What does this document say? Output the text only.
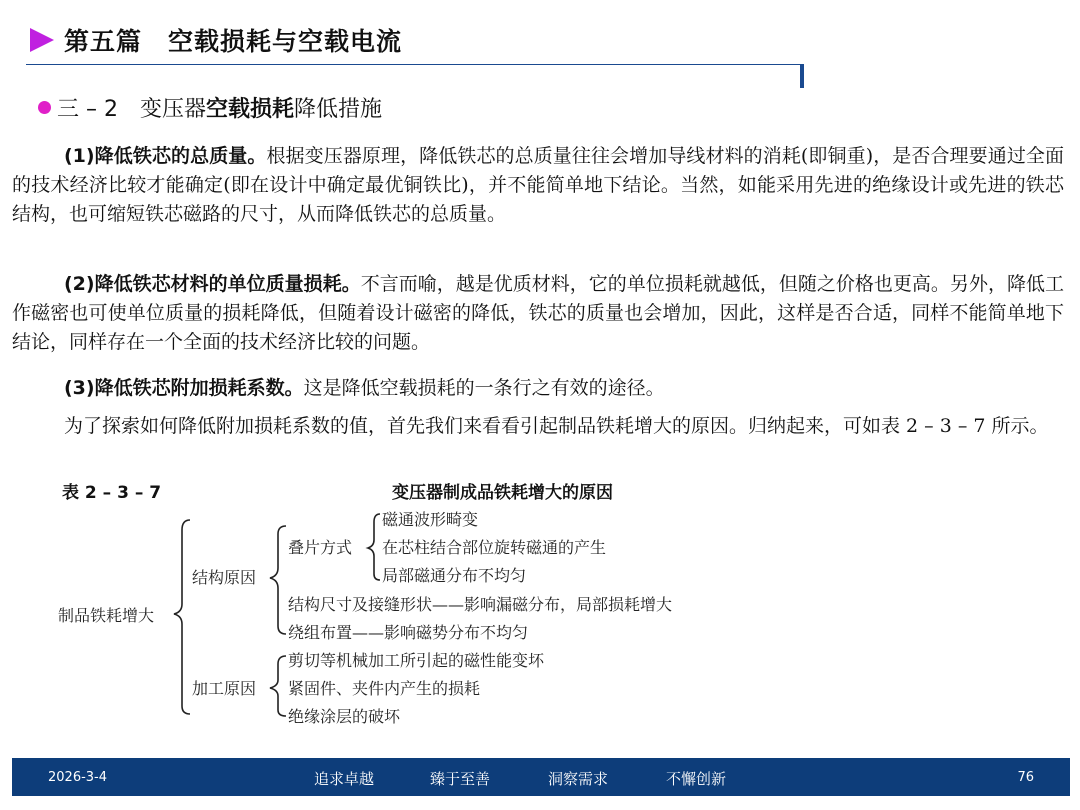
第五篇　空载损耗与空载电流
三 – 2　变压器 空载损耗 降低措施
(1)降低铁芯的总质量。根据变压器原理，降低铁芯的总质量往往会增加导线材料的消耗(即铜重)，是否合理要通过全面的技术经济比较才能确定(即在设计中确定最优铜铁比)，并不能简单地下结论。当然，如能采用先进的绝缘设计或先进的铁芯结构，也可缩短铁芯磁路的尺寸，从而降低铁芯的总质量。
(2)降低铁芯材料的单位质量损耗。不言而喻，越是优质材料，它的单位损耗就越低，但随之价格也更高。另外，降低工作磁密也可使单位质量的损耗降低，但随着设计磁密的降低，铁芯的质量也会增加，因此，这样是否合适，同样不能简单地下结论，同样存在一个全面的技术经济比较的问题。
(3)降低铁芯附加损耗系数。这是降低空载损耗的一条行之有效的途径。
为了探索如何降低附加损耗系数的值，首先我们来看看引起制品铁耗增大的原因。归纳起来，可如表 2 – 3 – 7 所示。
表 2 – 3 – 7	变压器制成品铁耗增大的原因
制品铁耗增大
结构原因
叠片方式
磁通波形畸变
在芯柱结合部位旋转磁通的产生
局部磁通分布不均匀
结构尺寸及接缝形状——影响漏磁分布，局部损耗增大
绕组布置——影响磁势分布不均匀
加工原因
剪切等机械加工所引起的磁性能变坏
紧固件、夹件内产生的损耗
绝缘涂层的破坏
2026-3-4	追求卓越	臻于至善	洞察需求	不懈创新	76
